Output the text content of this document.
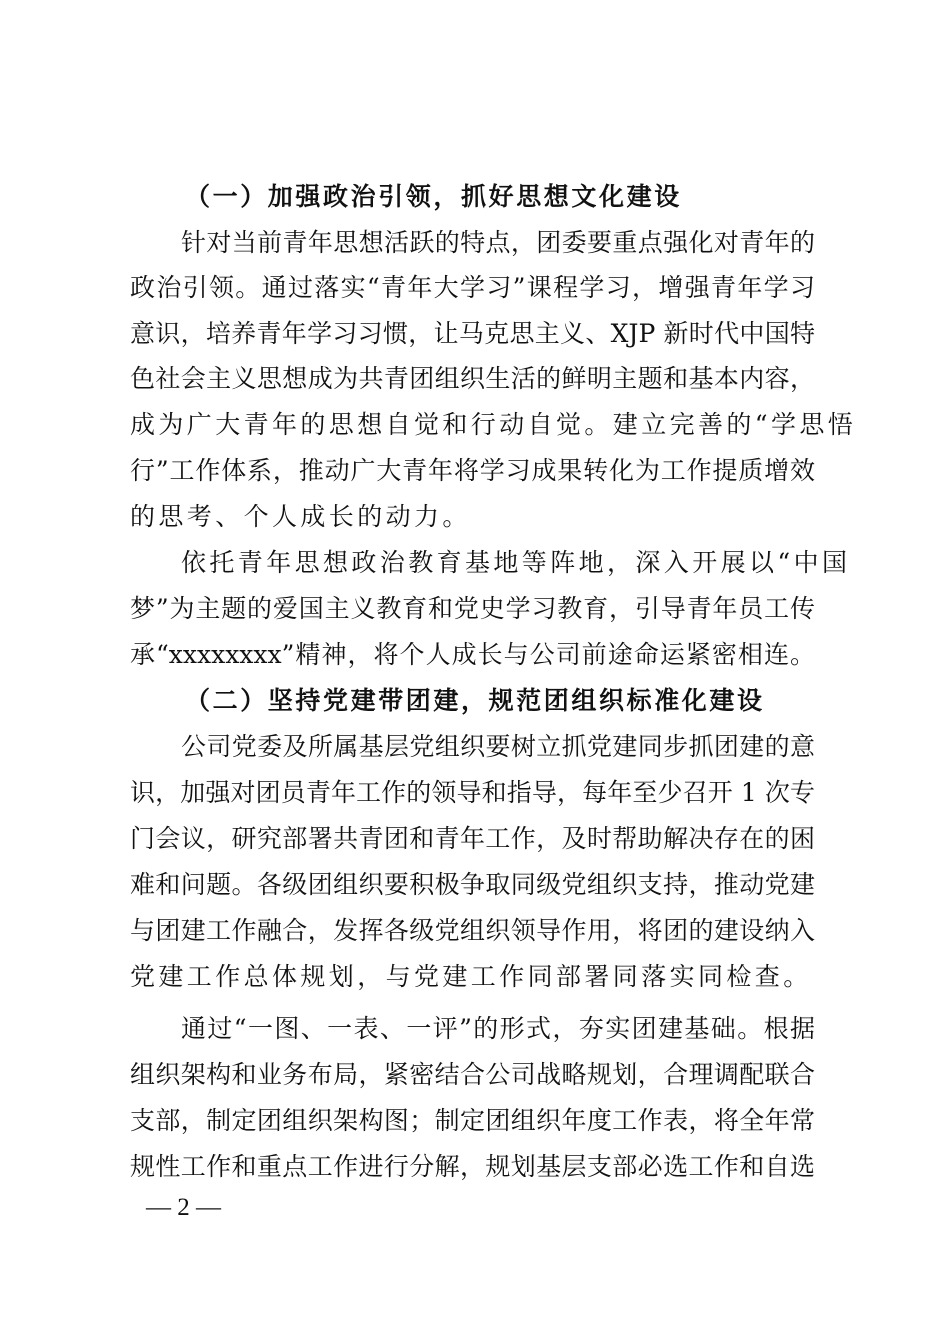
（一）加强政治引领，抓好思想文化建设
针对当前青年思想活跃的特点，团委要重点强化对青年的
政治引领。通过落实“青年大学习”课程学习，增强青年学习
意识，培养青年学习习惯，让马克思主义、XJP 新时代中国特
色社会主义思想成为共青团组织生活的鲜明主题和基本内容，
成为广大青年的思想自觉和行动自觉。建立完善的“学思悟
行”工作体系，推动广大青年将学习成果转化为工作提质增效
的思考、个人成长的动力。
依托青年思想政治教育基地等阵地，深入开展以“中国
梦”为主题的爱国主义教育和党史学习教育，引导青年员工传
承“xxxxxxxx”精神，将个人成长与公司前途命运紧密相连。
（二）坚持党建带团建，规范团组织标准化建设
公司党委及所属基层党组织要树立抓党建同步抓团建的意
识，加强对团员青年工作的领导和指导，每年至少召开 1 次专
门会议，研究部署共青团和青年工作，及时帮助解决存在的困
难和问题。各级团组织要积极争取同级党组织支持，推动党建
与团建工作融合，发挥各级党组织领导作用，将团的建设纳入
党建工作总体规划，与党建工作同部署同落实同检查。
通过“一图、一表、一评”的形式，夯实团建基础。根据
组织架构和业务布局，紧密结合公司战略规划，合理调配联合
支部，制定团组织架构图；制定团组织年度工作表，将全年常
规性工作和重点工作进行分解，规划基层支部必选工作和自选
— 2 —
